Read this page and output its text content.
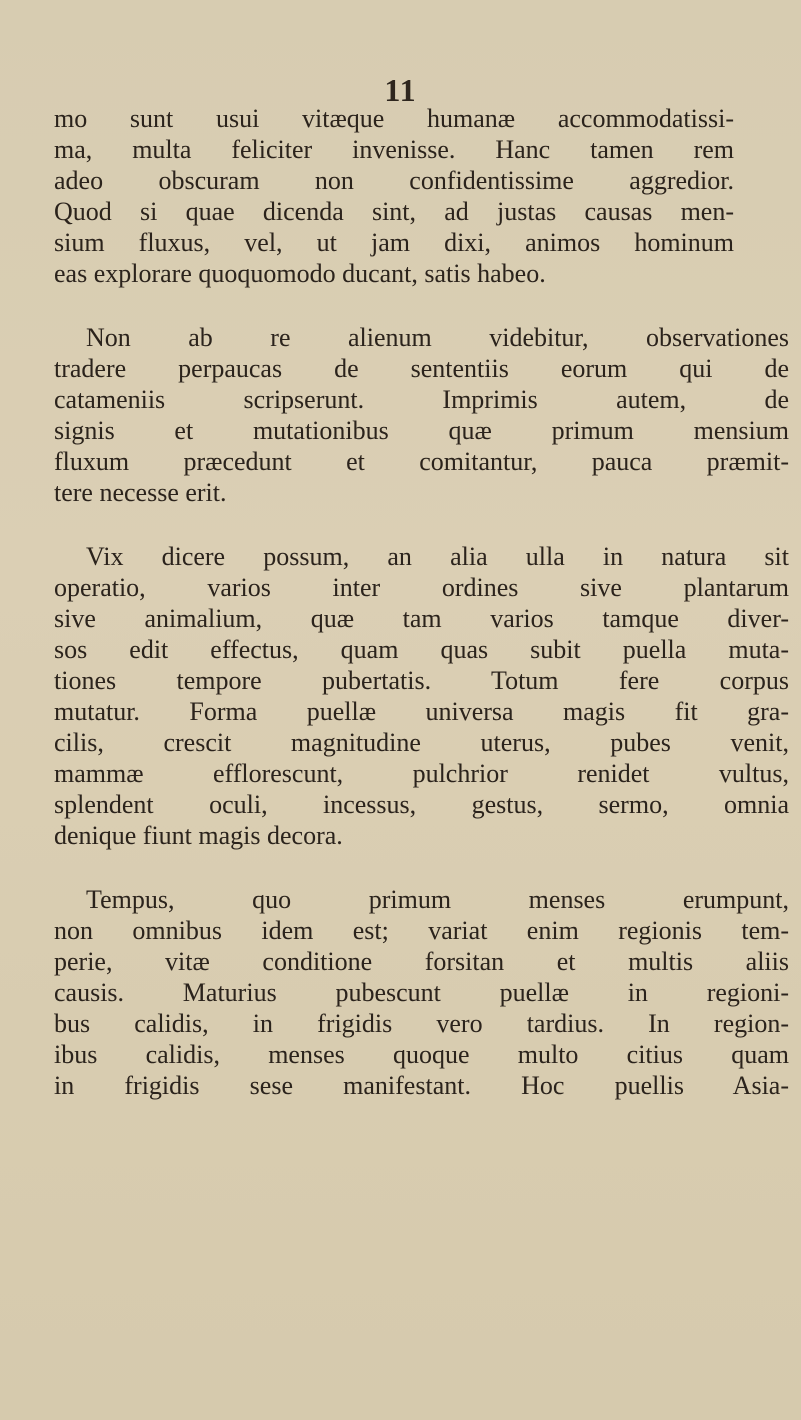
11
mo sunt usui vitæque humanæ accommodatissi-
ma, multa feliciter invenisse. Hanc tamen rem
adeo obscuram non confidentissime aggredior.
Quod si quae dicenda sint, ad justas causas men-
sium fluxus, vel, ut jam dixi, animos hominum
eas explorare quoquomodo ducant, satis habeo.
Non ab re alienum videbitur, observationes
tradere perpaucas de sententiis eorum qui de
catameniis scripserunt. Imprimis autem, de
signis et mutationibus quæ primum mensium
fluxum præcedunt et comitantur, pauca præmit-
tere necesse erit.
Vix dicere possum, an alia ulla in natura sit
operatio, varios inter ordines sive plantarum
sive animalium, quæ tam varios tamque diver-
sos edit effectus, quam quas subit puella muta-
tiones tempore pubertatis. Totum fere corpus
mutatur. Forma puellæ universa magis fit gra-
cilis, crescit magnitudine uterus, pubes venit,
mammæ efflorescunt, pulchrior renidet vultus,
splendent oculi, incessus, gestus, sermo, omnia
denique fiunt magis decora.
Tempus, quo primum menses erumpunt,
non omnibus idem est; variat enim regionis tem-
perie, vitæ conditione forsitan et multis aliis
causis. Maturius pubescunt puellæ in regioni-
bus calidis, in frigidis vero tardius. In region-
ibus calidis, menses quoque multo citius quam
in frigidis sese manifestant. Hoc puellis Asia-
